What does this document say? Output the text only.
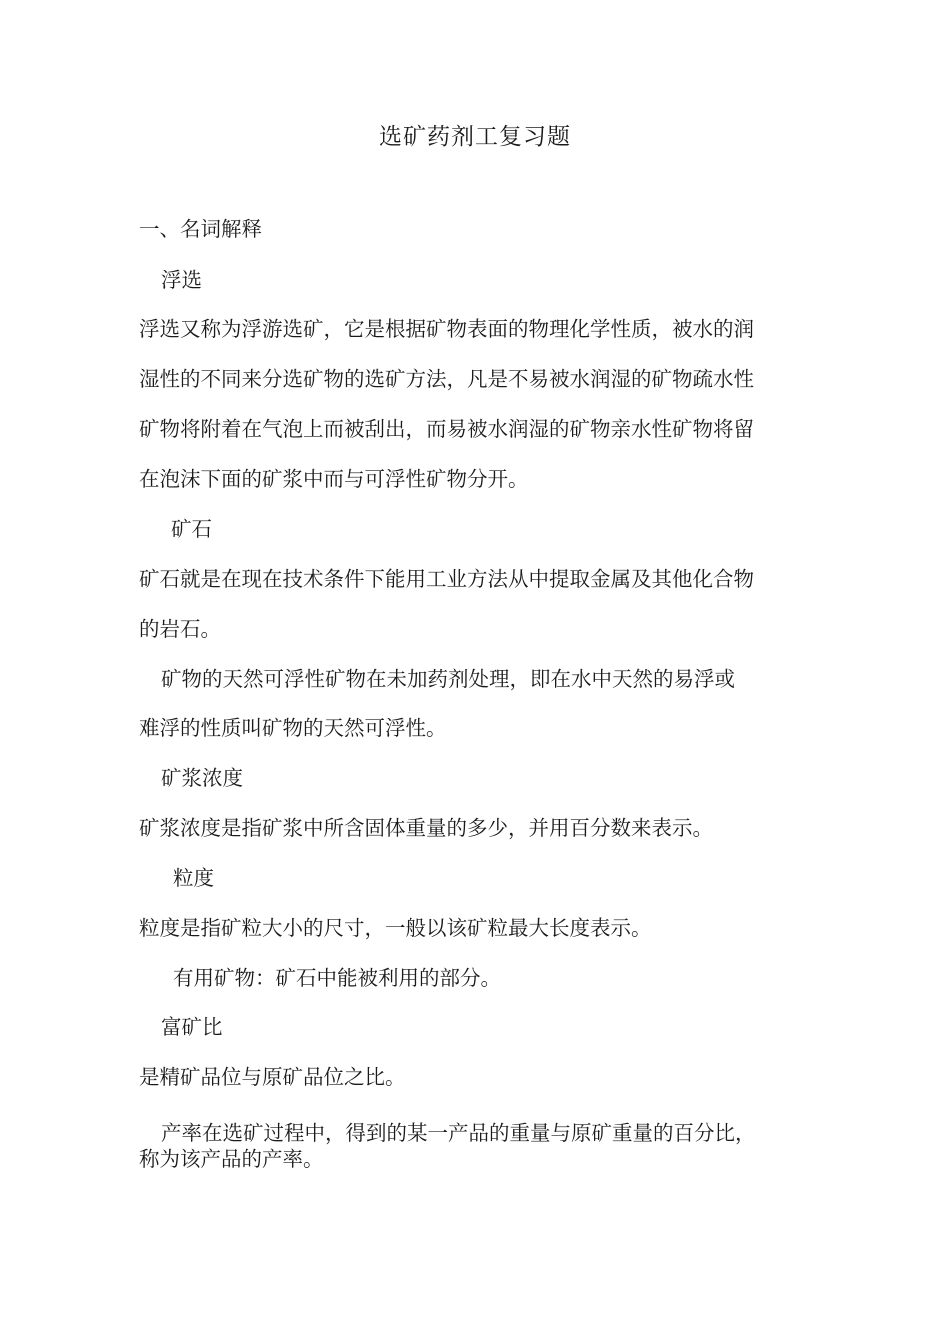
选矿药剂工复习题
一、名词解释
浮选
浮选又称为浮游选矿，它是根据矿物表面的物理化学性质，被水的润
湿性的不同来分选矿物的选矿方法，凡是不易被水润湿的矿物疏水性
矿物将附着在气泡上而被刮出，而易被水润湿的矿物亲水性矿物将留
在泡沫下面的矿浆中而与可浮性矿物分开。
矿石
矿石就是在现在技术条件下能用工业方法从中提取金属及其他化合物
的岩石。
矿物的天然可浮性矿物在未加药剂处理，即在水中天然的易浮或
难浮的性质叫矿物的天然可浮性。
矿浆浓度
矿浆浓度是指矿浆中所含固体重量的多少，并用百分数来表示。
粒度
粒度是指矿粒大小的尺寸，一般以该矿粒最大长度表示。
有用矿物：矿石中能被利用的部分。
富矿比
是精矿品位与原矿品位之比。
产率在选矿过程中，得到的某一产品的重量与原矿重量的百分比，
称为该产品的产率。
